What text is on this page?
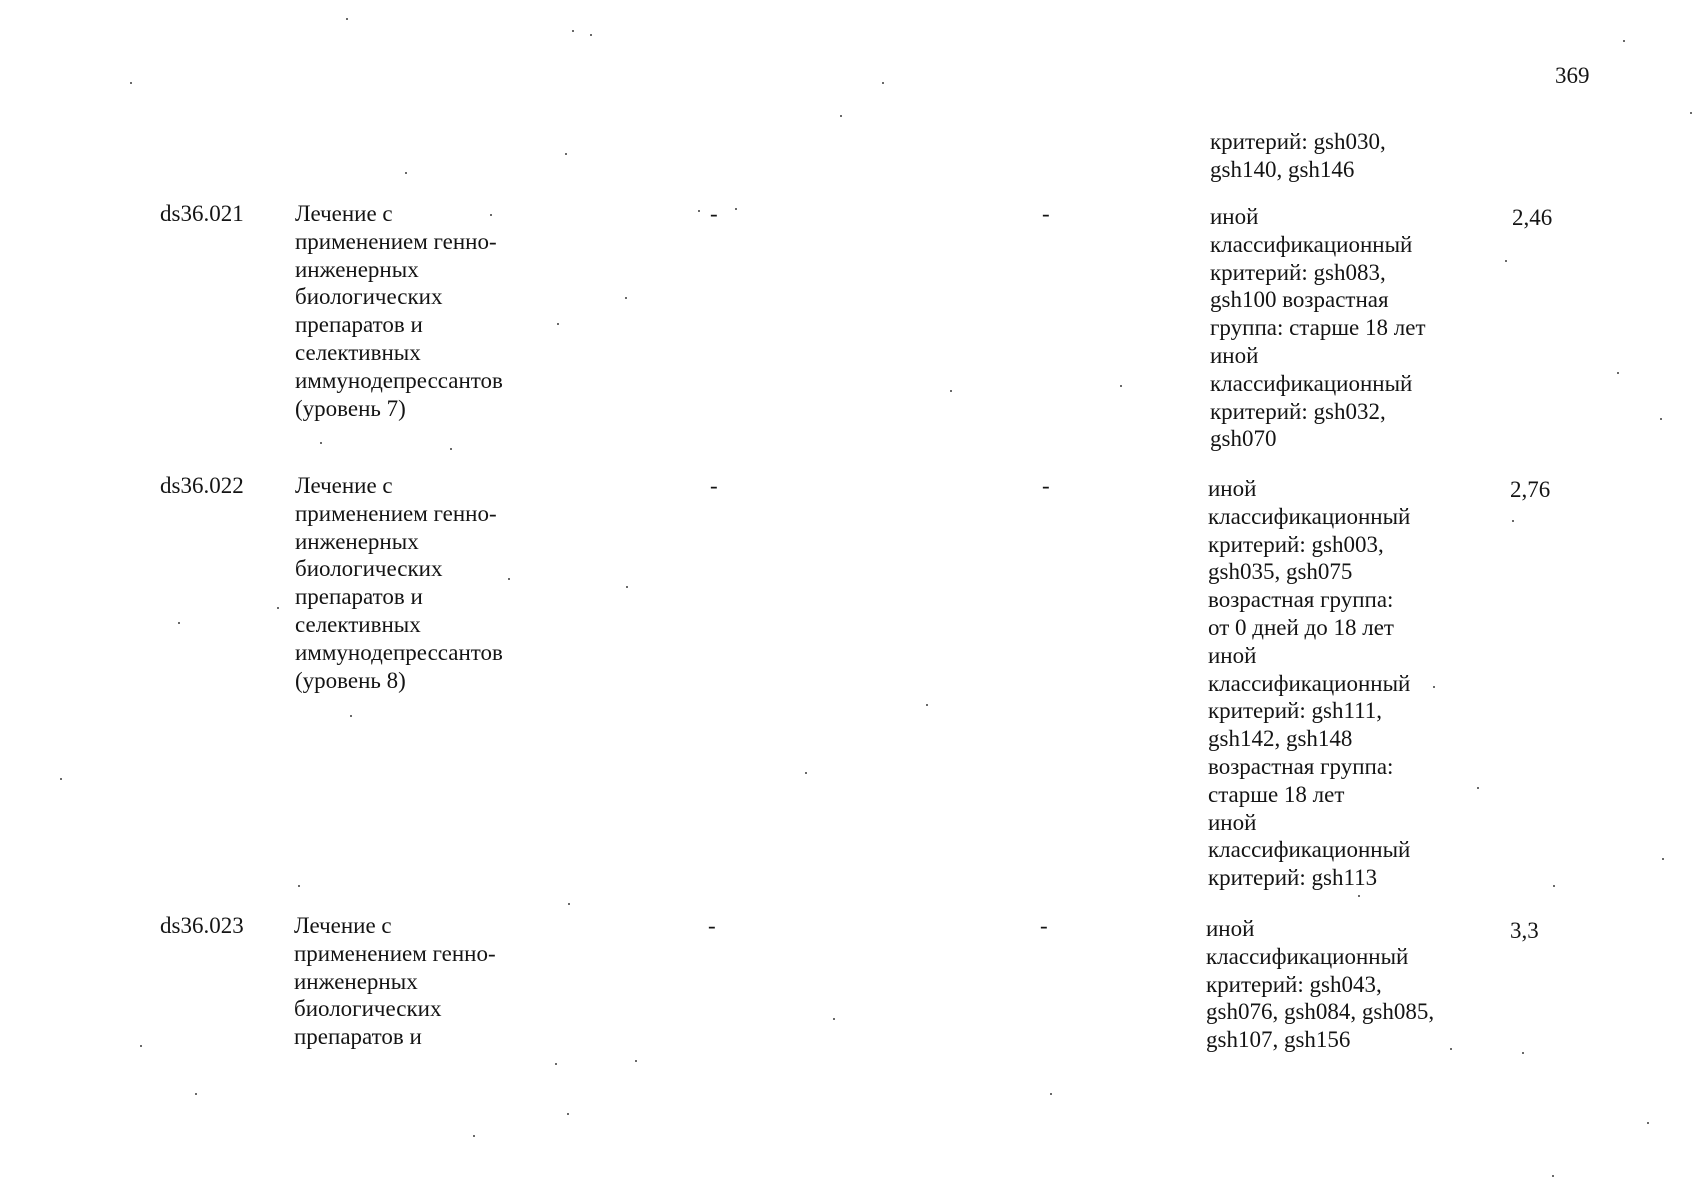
369
критерий: gsh030,
gsh140, gsh146
ds36.021	Лечение с
применением генно-
инженерных
биологических
препаратов и
селективных
иммунодепрессантов
(уровень 7)
-	-	иной
классификационный
критерий: gsh083,
gsh100 возрастная
группа: старше 18 лет
иной
классификационный
критерий: gsh032,
gsh070
2,46
ds36.022	Лечение с
применением генно-
инженерных
биологических
препаратов и
селективных
иммунодепрессантов
(уровень 8)
-	-	иной
классификационный
критерий: gsh003,
gsh035, gsh075
возрастная группа:
от 0 дней до 18 лет
иной
классификационный
критерий: gsh111,
gsh142, gsh148
возрастная группа:
старше 18 лет
иной
классификационный
критерий: gsh113
2,76
ds36.023	Лечение с
применением генно-
инженерных
биологических
препаратов и
-	-	иной
классификационный
критерий: gsh043,
gsh076, gsh084, gsh085,
gsh107, gsh156
3,3
